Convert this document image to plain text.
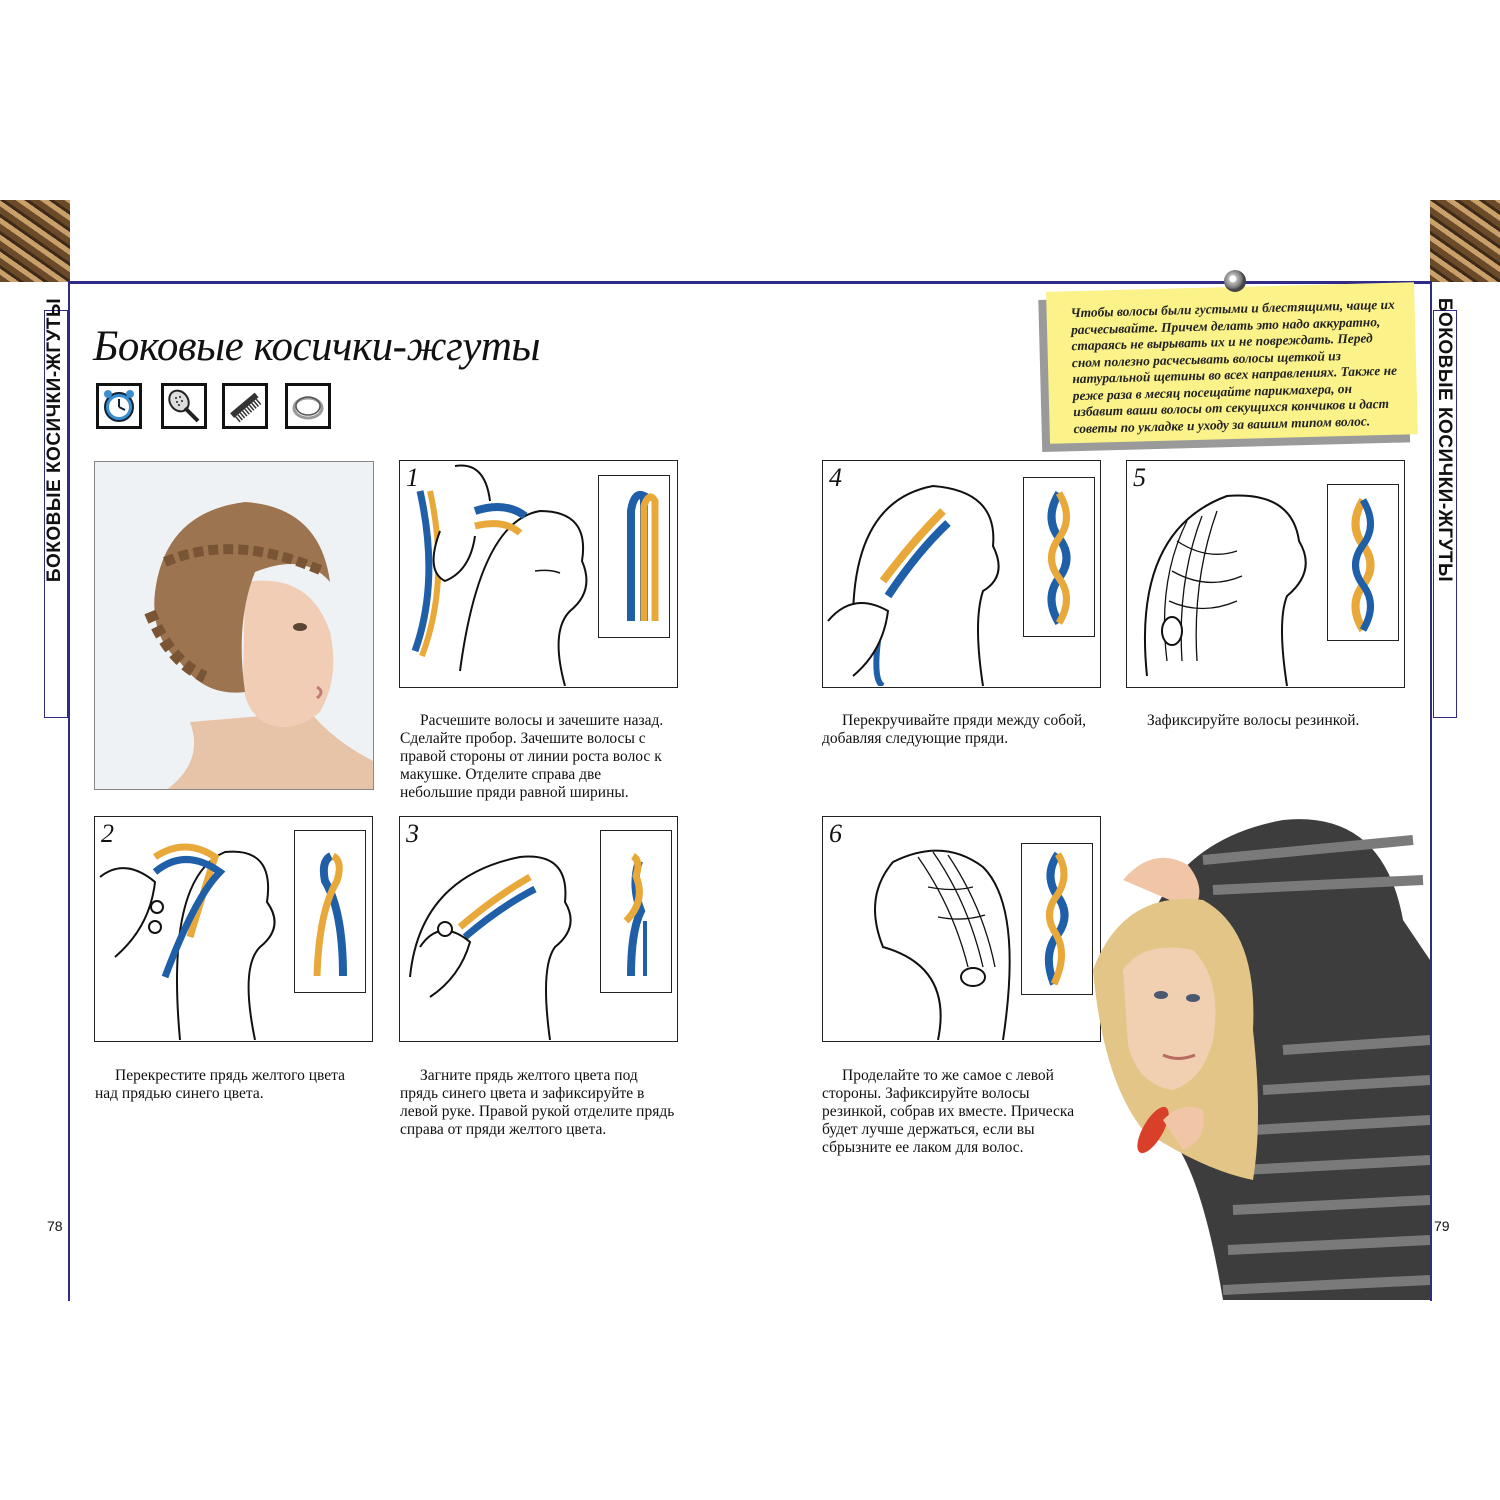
БОКОВЫЕ КОСИЧКИ-ЖГУТЫ	БОКОВЫЕ КОСИЧКИ-ЖГУТЫ
Боковые косички-жгуты
Чтобы волосы были густыми и блестящими, чаще их расчесывайте. Причем делать это надо аккуратно, стараясь не вырывать их и не повреждать. Перед сном полезно расчесывать волосы щеткой из натуральной щетины во всех направлениях. Также не реже раза в месяц посещайте парикмахера, он избавит ваши волосы от секущихся кончиков и даст советы по укладке и уходу за вашим типом волос.
1

Расчешите волосы и зачешите назад. Сделайте пробор. Зачешите волосы с правой стороны от линии роста волос к макушке. Отделите справа две небольшие пряди равной ширины.

2

Перекрестите прядь желтого цвета над прядью синего цвета.

3

Загните прядь желтого цвета под прядь синего цвета и зафиксируйте в левой руке. Правой рукой отделите прядь справа от пряди желтого цвета.

4

Перекручивайте пряди между собой, добавляя следующие пряди.

5

Зафиксируйте волосы резинкой.

6

Проделайте то же самое с левой стороны. Зафиксируйте волосы резинкой, собрав их вместе. Прическа будет лучше держаться, если вы сбрызните ее лаком для волос.

78	79
